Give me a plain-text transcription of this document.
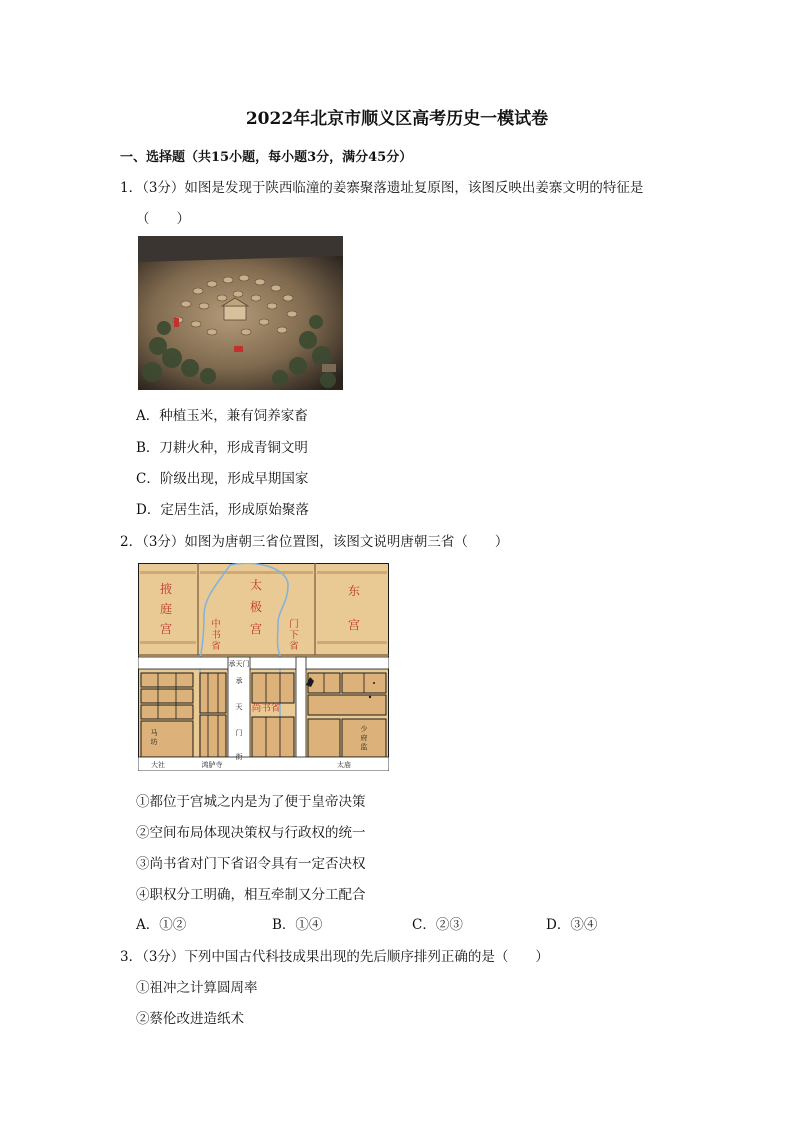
2022年北京市顺义区高考历史一模试卷
一、选择题（共15小题，每小题3分，满分45分）
1．（3分）如图是发现于陕西临潼的姜寨聚落遗址复原图，该图反映出姜寨文明的特征是
（　　）
A．种植玉米，兼有饲养家畜
B．刀耕火种，形成青铜文明
C．阶级出现，形成早期国家
D．定居生活，形成原始聚落
2．（3分）如图为唐朝三省位置图，该图文说明唐朝三省（　　）
掖
庭
宫
太
极
宫
东
宫
中
书
省
门
下
省
尚书省
承天门
承
天
门
街
马
坊
少
府
监
大社	鸿胪寺	太庙
①都位于宫城之内是为了便于皇帝决策
②空间布局体现决策权与行政权的统一
③尚书省对门下省诏令具有一定否决权
④职权分工明确，相互牵制又分工配合
A．①②	B．①④	C．②③	D．③④
3．（3分）下列中国古代科技成果出现的先后顺序排列正确的是（　　）
①祖冲之计算圆周率
②蔡伦改进造纸术
